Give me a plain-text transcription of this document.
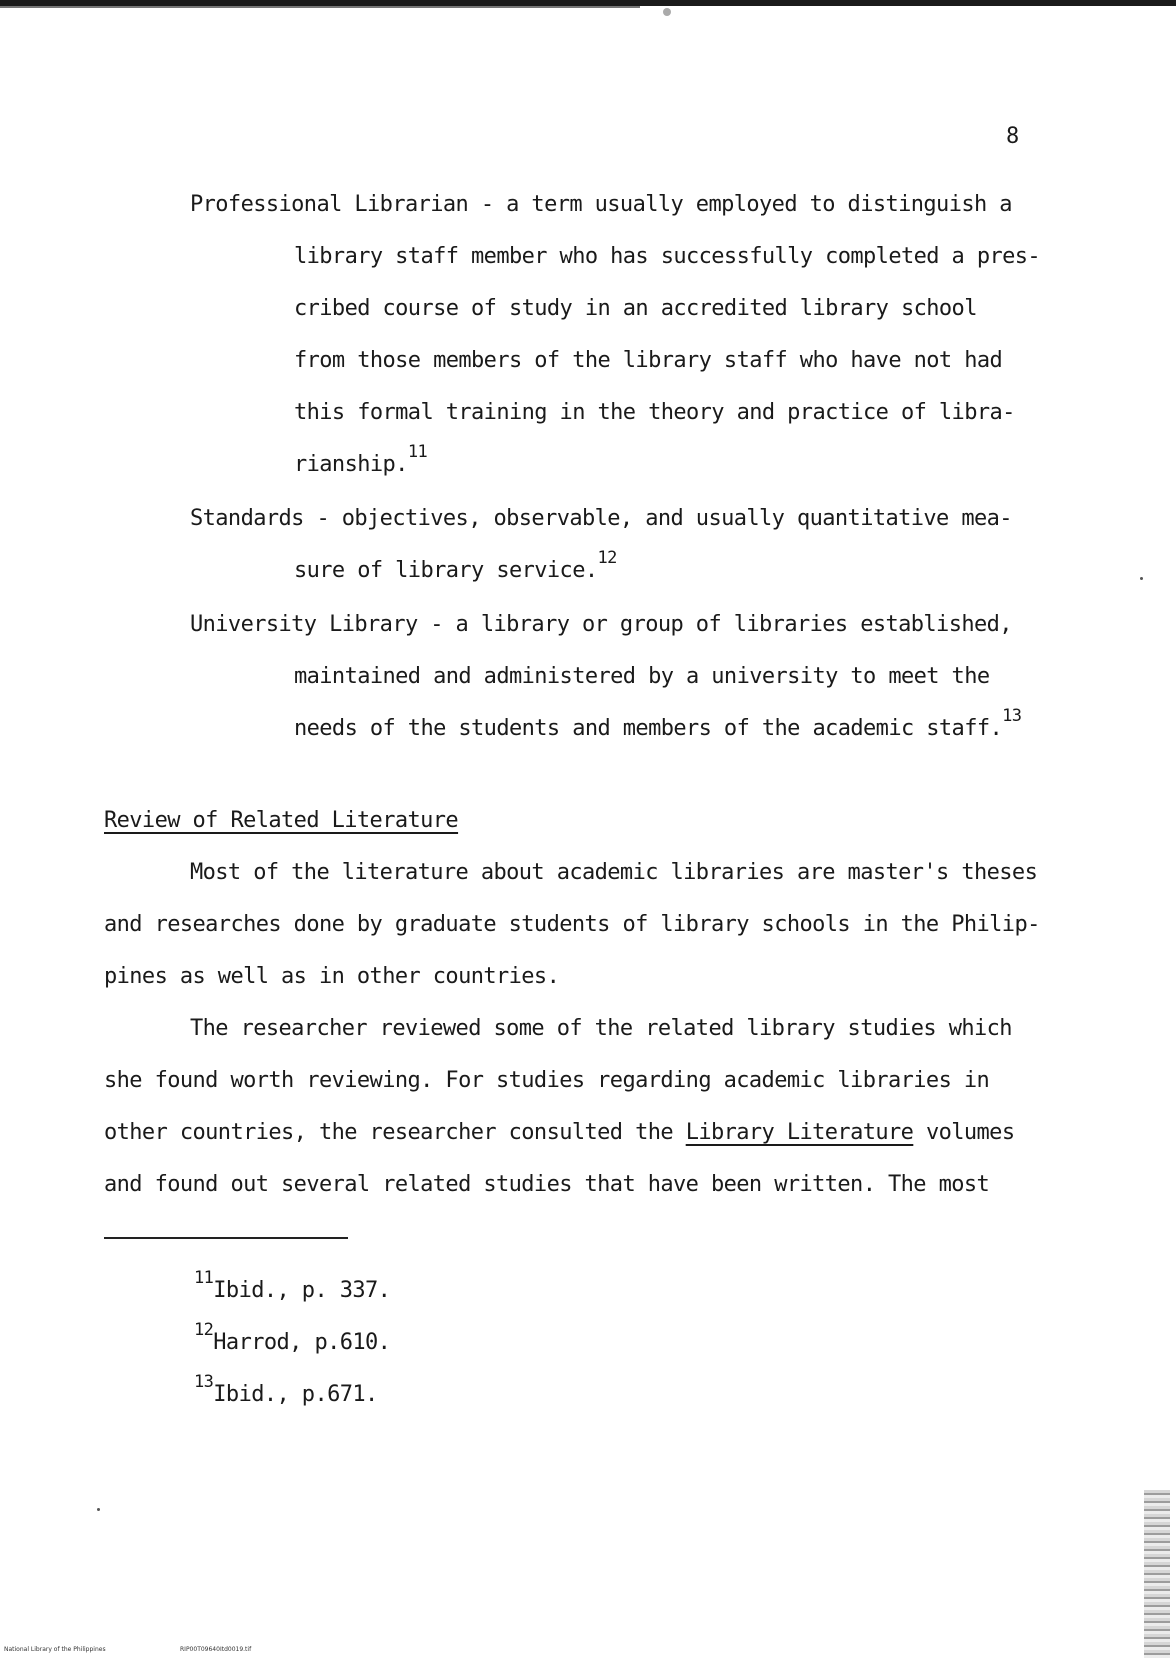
8
Professional Librarian - a term usually employed to distinguish a
library staff member who has successfully completed a pres-
cribed course of study in an accredited library school
from those members of the library staff who have not had
this formal training in the theory and practice of libra-
rianship.$^{11}$
Standards - objectives, observable, and usually quantitative mea-
sure of library service.$^{12}$
University Library - a library or group of libraries established,
maintained and administered by a university to meet the
needs of the students and members of the academic staff.$^{13}$
Review of Related Literature
Most of the literature about academic libraries are master's theses
and researches done by graduate students of library schools in the Philip-
pines as well as in other countries.
The researcher reviewed some of the related library studies which
she found worth reviewing. For studies regarding academic libraries in
other countries, the researcher consulted the Library Literature volumes
and found out several related studies that have been written. The most
$^{11}$Ibid., p. 337.
$^{12}$Harrod, p.610.
$^{13}$Ibid., p.671.
National Library of the Philippines	RIP00T09640Itd0019.tif
